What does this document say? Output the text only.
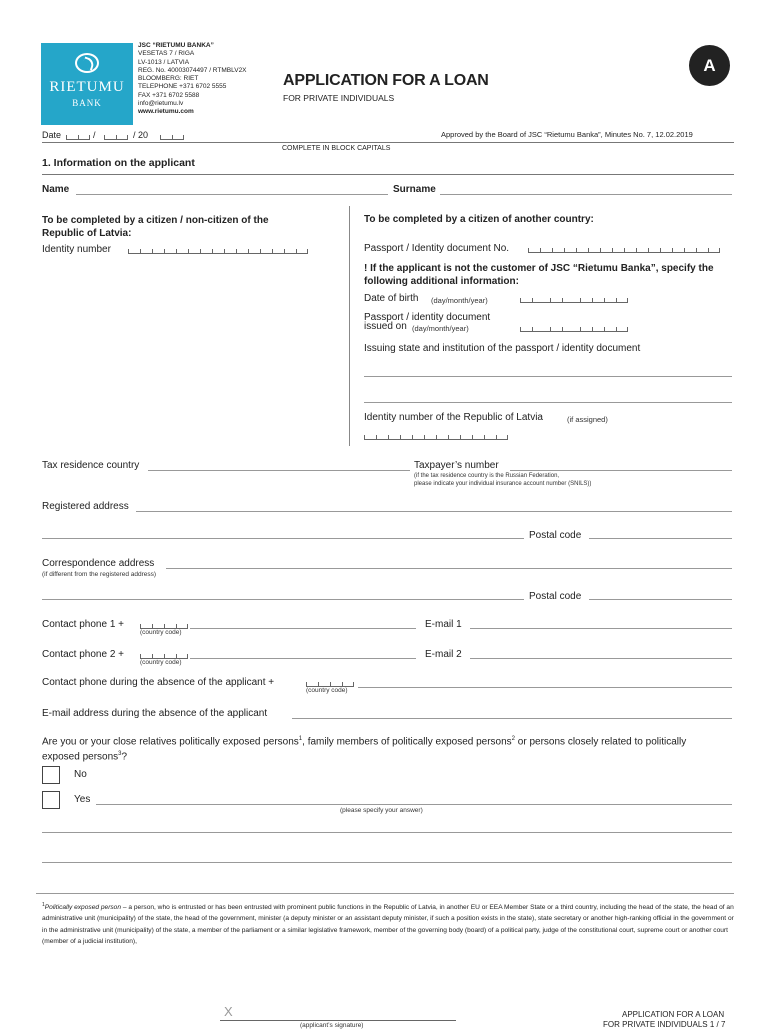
RIETUMU
BANK
JSC “RIETUMU BANKA”
VESETAS 7 / RIGA
LV-1013 / LATVIA
REG. No. 40003074497 / RTMBLV2X
BLOOMBERG: RIET
TELEPHONE +371 6702 5555
FAX +371 6702 5588
info@rietumu.lv
www.rietumu.com
APPLICATION FOR A LOAN
FOR PRIVATE INDIVIDUALS
A
Date	/	/ 20	Approved by the Board of JSC “Rietumu Banka”, Minutes No. 7, 12.02.2019
COMPLETE IN BLOCK CAPITALS
1. Information on the applicant
Name	Surname
To be completed by a citizen / non-citizen of the Republic of Latvia:
Identity number
To be completed by a citizen of another country:
Passport / Identity document No.
! If the applicant is not the customer of JSC “Rietumu Banka”, specify the following additional information:
Date of birth (day/month/year)
Passport / identity document
issued on (day/month/year)
Issuing state and institution of the passport / identity document
Identity number of the Republic of Latvia	(if assigned)
Tax residence country	Taxpayer’s number
(if the tax residence country is the Russian Federation,
please indicate your individual insurance account number (SNILS))
Registered address
Postal code
Correspondence address
(if different from the registered address)
Postal code
Contact phone 1 +
(country code)
E-mail 1
Contact phone 2 +
(country code)
E-mail 2
Contact phone during the absence of the applicant +
(country code)
E-mail address during the absence of the applicant
Are you or your close relatives politically exposed persons$^1$, family members of politically exposed persons$^2$ or persons closely related to politically
exposed persons$^3$?
No
Yes
(please specify your answer)
$^1$Politically exposed person – a person, who is entrusted or has been entrusted with prominent public functions in the Republic of Latvia, in another EU or EEA Member State or a third country, including the head of the state, the head of an administrative unit (municipality) of the state, the head of the government, minister (a deputy minister or an assistant deputy minister, if such a position exists in the state), state secretary or another high-ranking official in the government or in the administrative unit (municipality) of the state, a member of the parliament or a similar legislative framework, member of the governing body (board) of a political party, judge of the constitutional court, supreme court or another court (member of a judicial institution),
X
(applicant’s signature)
APPLICATION FOR A LOAN
FOR PRIVATE INDIVIDUALS 1 / 7
